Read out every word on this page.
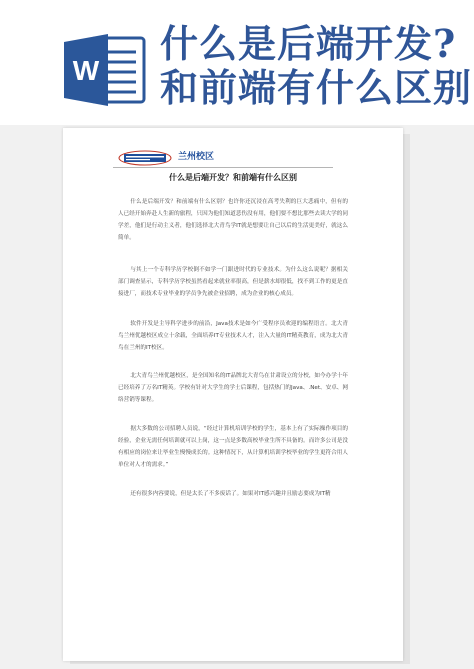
W
什么是后端开发?
和前端有什么区别
兰州校区
什么是后端开发？和前端有什么区别
什么是后端开发？和前端有什么区别？也许你还沉浸在高考失利的巨大悲痛中，但有的人已经开始奔赴人生新的旅程，只因为他们知道悲伤没有用，他们要不想比那些去读大学的同学差，他们是行动主义者，他们选择北大青鸟学IT就是想要让自己以后的生活更美好，就这么简单。
与其上一个专科学历学校倒不如学一门跟进时代的专业技术。为什么这么说呢？据相关部门调查显示，专科学历学校虽然看起来就业率很高，但是薪水却很低，找不到工作的更是直接进厂，而技术专业毕业的学员争先被企业招聘，成为企业的核心成员。
软件开发是主导科学进步的前沿，Java技术是如今广受程序员欢迎的编程语言。北大青鸟兰州优越校区成立十余载，全面培养IT专业技术人才，注入大量的IT精英教育，成为北大青鸟在兰州的IT校区。
北大青鸟兰州优越校区，是全国知名的IT品牌北大青鸟在甘肃设立的分校，如今办学十年已经培养了万名IT精英。学校有针对大学生的学士后课程，包括热门的Java、.Net、安卓、网络营销等课程。
据大多数的公司招聘人员说，“经过计算机培训学校的学生，基本上有了实际操作项目的经验，企业无需任何培训就可以上岗，这一点是多数高校毕业生所不具备的。而许多公司是没有相应的岗位来让毕业生慢慢成长的。这种情况下，从计算机培训学校毕业的学生更符合用人单位对人才的需求。”
还有很多内容要说，但是太长了不多废话了。如果对IT感兴趣并且励志要成为IT精
